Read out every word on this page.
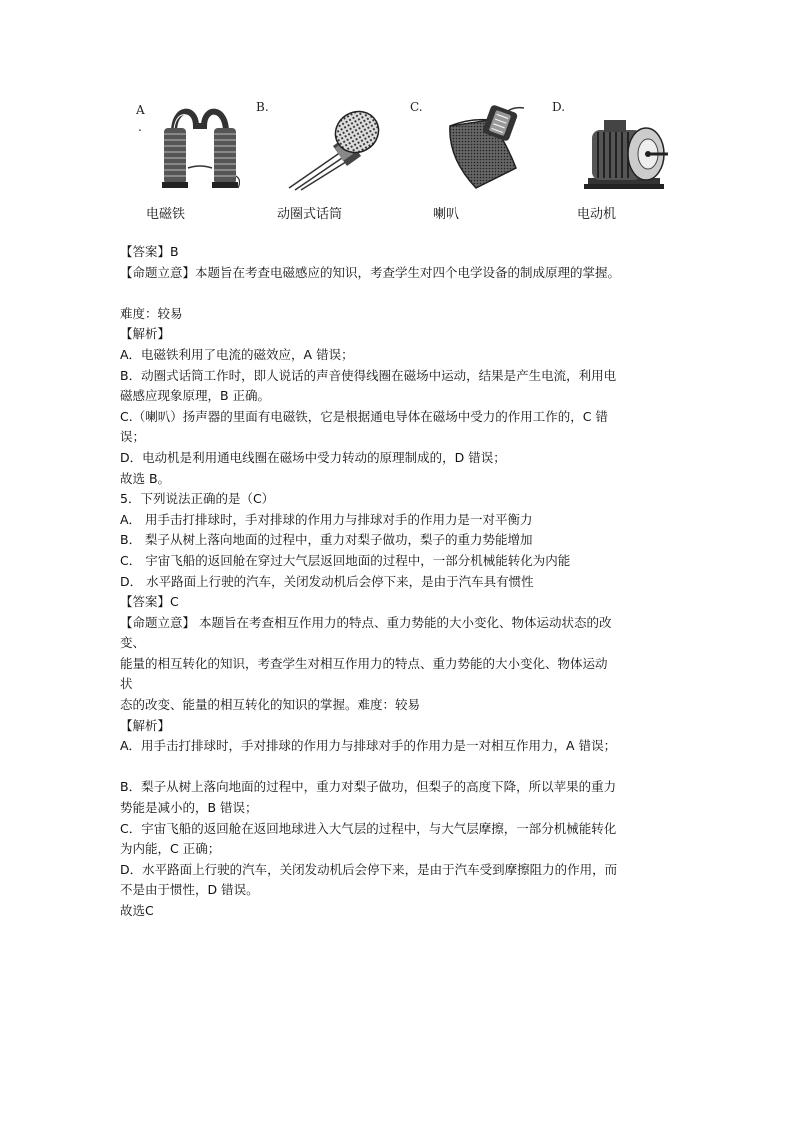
A
.
电磁铁
B.
动圈式话筒
C.
喇叭
D.
电动机
【答案】B
【命题立意】本题旨在考查电磁感应的知识，考查学生对四个电学设备的制成原理的掌握。
难度：较易
【解析】
A．电磁铁利用了电流的磁效应，A 错误；
B．动圈式话筒工作时，即人说话的声音使得线圈在磁场中运动，结果是产生电流，利用电
磁感应现象原理，B 正确。
C.（喇叭）扬声器的里面有电磁铁，它是根据通电导体在磁场中受力的作用工作的，C 错
误；
D．电动机是利用通电线圈在磁场中受力转动的原理制成的，D 错误；
故选 B。
5．下列说法正确的是（C）
A． 用手击打排球时，手对排球的作用力与排球对手的作用力是一对平衡力
B． 梨子从树上落向地面的过程中，重力对梨子做功，梨子的重力势能增加
C． 宇宙飞船的返回舱在穿过大气层返回地面的过程中，一部分机械能转化为内能
D． 水平路面上行驶的汽车，关闭发动机后会停下来，是由于汽车具有惯性
【答案】C
【命题立意】 本题旨在考查相互作用力的特点、重力势能的大小变化、物体运动状态的改
变、
能量的相互转化的知识，考查学生对相互作用力的特点、重力势能的大小变化、物体运动
状
态的改变、能量的相互转化的知识的掌握。难度：较易
【解析】
A．用手击打排球时，手对排球的作用力与排球对手的作用力是一对相互作用力，A 错误；
B．梨子从树上落向地面的过程中，重力对梨子做功，但梨子的高度下降，所以苹果的重力
势能是减小的，B 错误；
C．宇宙飞船的返回舱在返回地球进入大气层的过程中，与大气层摩擦，一部分机械能转化
为内能，C 正确；
D．水平路面上行驶的汽车，关闭发动机后会停下来，是由于汽车受到摩擦阻力的作用，而
不是由于惯性，D 错误。
故选C
